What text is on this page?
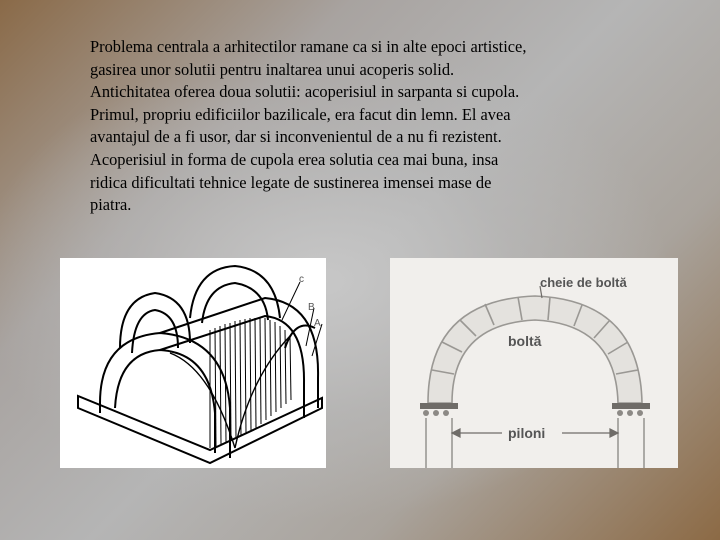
Problema centrala a arhitectilor ramane ca si in alte epoci artistice,
gasirea unor solutii pentru inaltarea unui acoperis solid.
Antichitatea oferea doua solutii: acoperisiul in sarpanta si cupola.
Primul, propriu edificiilor bazilicale, era facut din lemn. El avea
avantajul de a fi usor, dar si inconvenientul de a nu fi rezistent.
Acoperisiul in forma de cupola erea solutia cea mai buna, insa
ridica dificultati tehnice legate de sustinerea imensei mase de
piatra.
c
B
A
cheie de boltă
boltă
piloni
